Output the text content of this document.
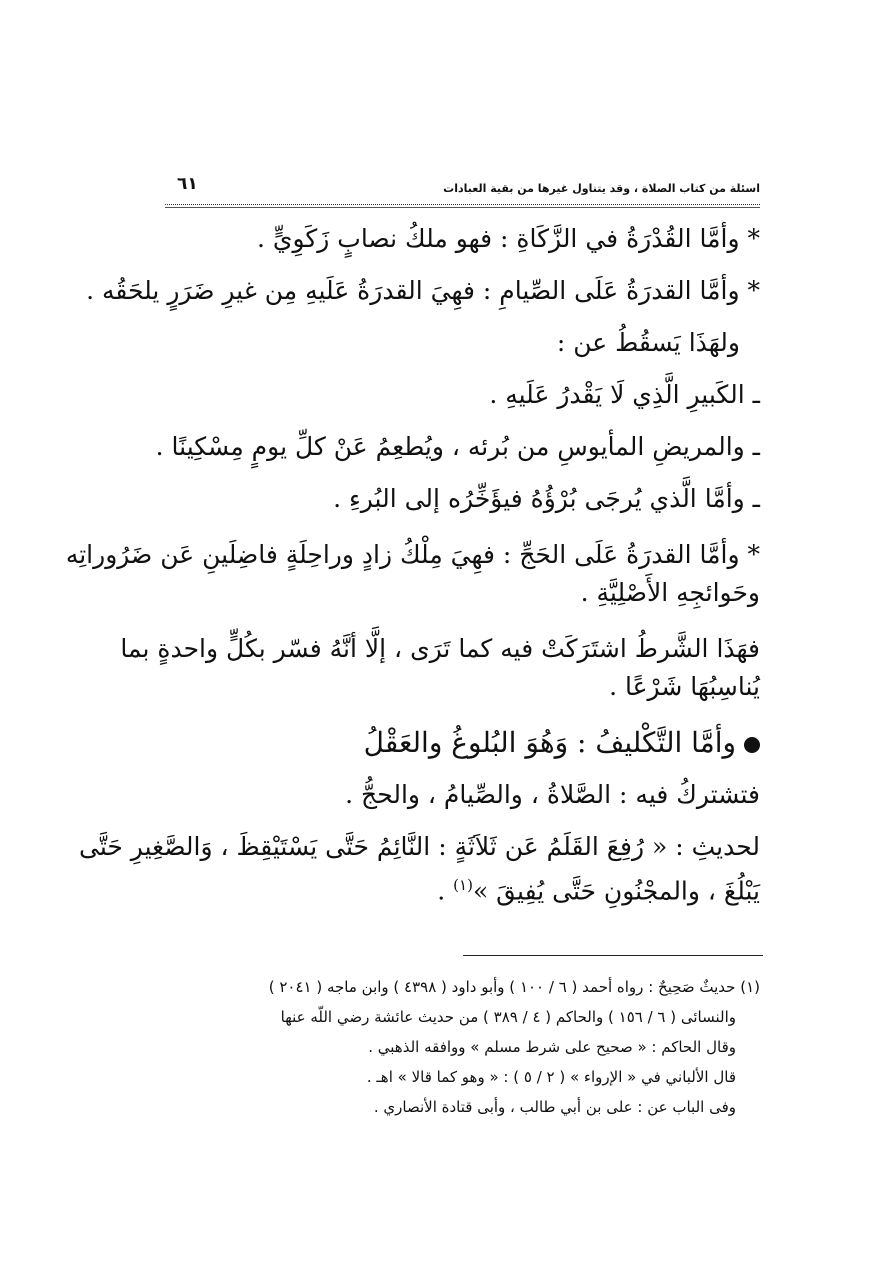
اسئلة من كتاب الصلاة ، وقد يتناول غيرها من بقية العبادات
٦١

* وأمَّا القُدْرَةُ في الزَّكَاةِ : فهو ملكُ نصابٍ زَكَوِيٍّ .

* وأمَّا القدرَةُ عَلَى الصِّيامِ : فهِيَ القدرَةُ عَلَيهِ مِن غيرِ ضَرَرٍ يلحَقُه .

ولهَذَا يَسقُطُ عن :

ـ الكَبيرِ الَّذِي لَا يَقْدرُ عَلَيهِ .

ـ والمريضِ المأيوسِ من بُرئه ، ويُطعِمُ عَنْ كلِّ يومٍ مِسْكِينًا .

ـ وأمَّا الَّذي يُرجَى بُرْؤُهُ فيؤَخِّرُه إلى البُرءِ .

* وأمَّا القدرَةُ عَلَى الحَجِّ : فهِيَ مِلْكُ زادٍ وراحِلَةٍ فاضِلَينِ عَن ضَرُوراتِه

وحَوائجِهِ الأَصْلِيَّةِ .

فهَذَا الشَّرطُ اشتَرَكَتْ فيه كما تَرَى ، إلَّا أنَّهُ فسّر بكُلٍّ واحدةٍ بما

يُناسِبُهَا شَرْعًا .

وأمَّا التَّكْليفُ : وَهُوَ البُلوغُ والعَقْلُ

فتشتركُ فيه : الصَّلاةُ ، والصِّيامُ ، والحجُّ .

لحديثِ : « رُفِعَ القَلَمُ عَن ثَلاَثَةٍ : النَّائِمُ حَتَّى يَسْتَيْقِظَ ، وَالصَّغِيرِ حَتَّى

يَبْلُغَ ، والمجْنُونِ حَتَّى يُفِيقَ »$^{(١)}$ .

(١) حديثٌ صَحِيحٌ : رواه أحمد ( ٦ / ١٠٠ ) وأبو داود ( ٤٣٩٨ ) وابن ماجه ( ٢٠٤١ )

والنسائى ( ٦ / ١٥٦ ) والحاكم ( ٤ / ٣٨٩ ) من حديث عائشة رضي اللّه عنها

وقال الحاكم : « صحيح على شرط مسلم » ووافقه الذهبي .

قال الألباني في « الإرواء » ( ٢ / ٥ ) : « وهو كما قالا » اهـ .

وفى الباب عن : على بن أبي طالب ، وأبى قتادة الأنصاري .
